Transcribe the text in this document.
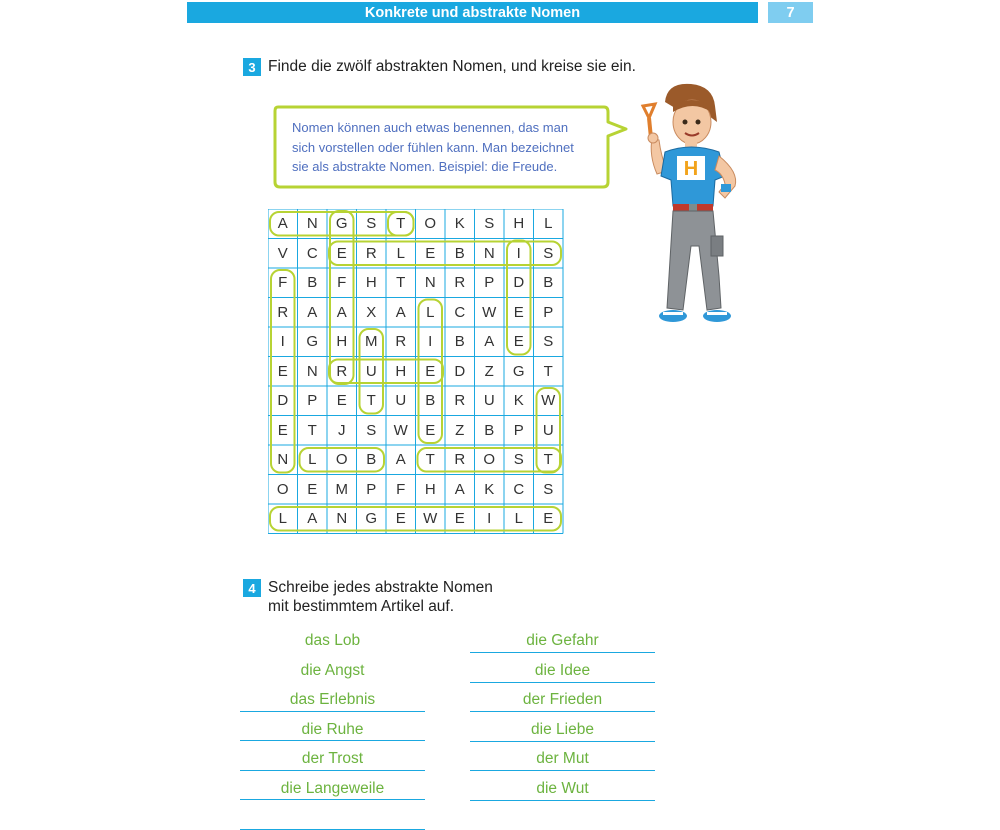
Konkrete und abstrakte Nomen	7
3 Finde die zwölf abstrakten Nomen, und kreise sie ein.
Nomen können auch etwas benennen, das man
sich vorstellen oder fühlen kann. Man bezeichnet
sie als abstrakte Nomen. Beispiel: die Freude.	H
A	N	G	S	T	O	K	S	H	L
V	C	E	R	L	E	B	N	I	S
F	B	F	H	T	N	R	P	D	B
R	A	A	X	A	L	C	W	E	P
I	G	H	M	R	I	B	A	E	S
E	N	R	U	H	E	D	Z	G	T
D	P	E	T	U	B	R	U	K	W
E	T	J	S	W	E	Z	B	P	U
N	L	O	B	A	T	R	O	S	T
O	E	M	P	F	H	A	K	C	S
L	A	N	G	E	W	E	I	L	E
4 Schreibe jedes abstrakte Nomen
mit bestimmtem Artikel auf.
das Lob
die Angst
das Erlebnis
die Ruhe
der Trost
die Langeweile
die Gefahr
die Idee
der Frieden
die Liebe
der Mut
die Wut
